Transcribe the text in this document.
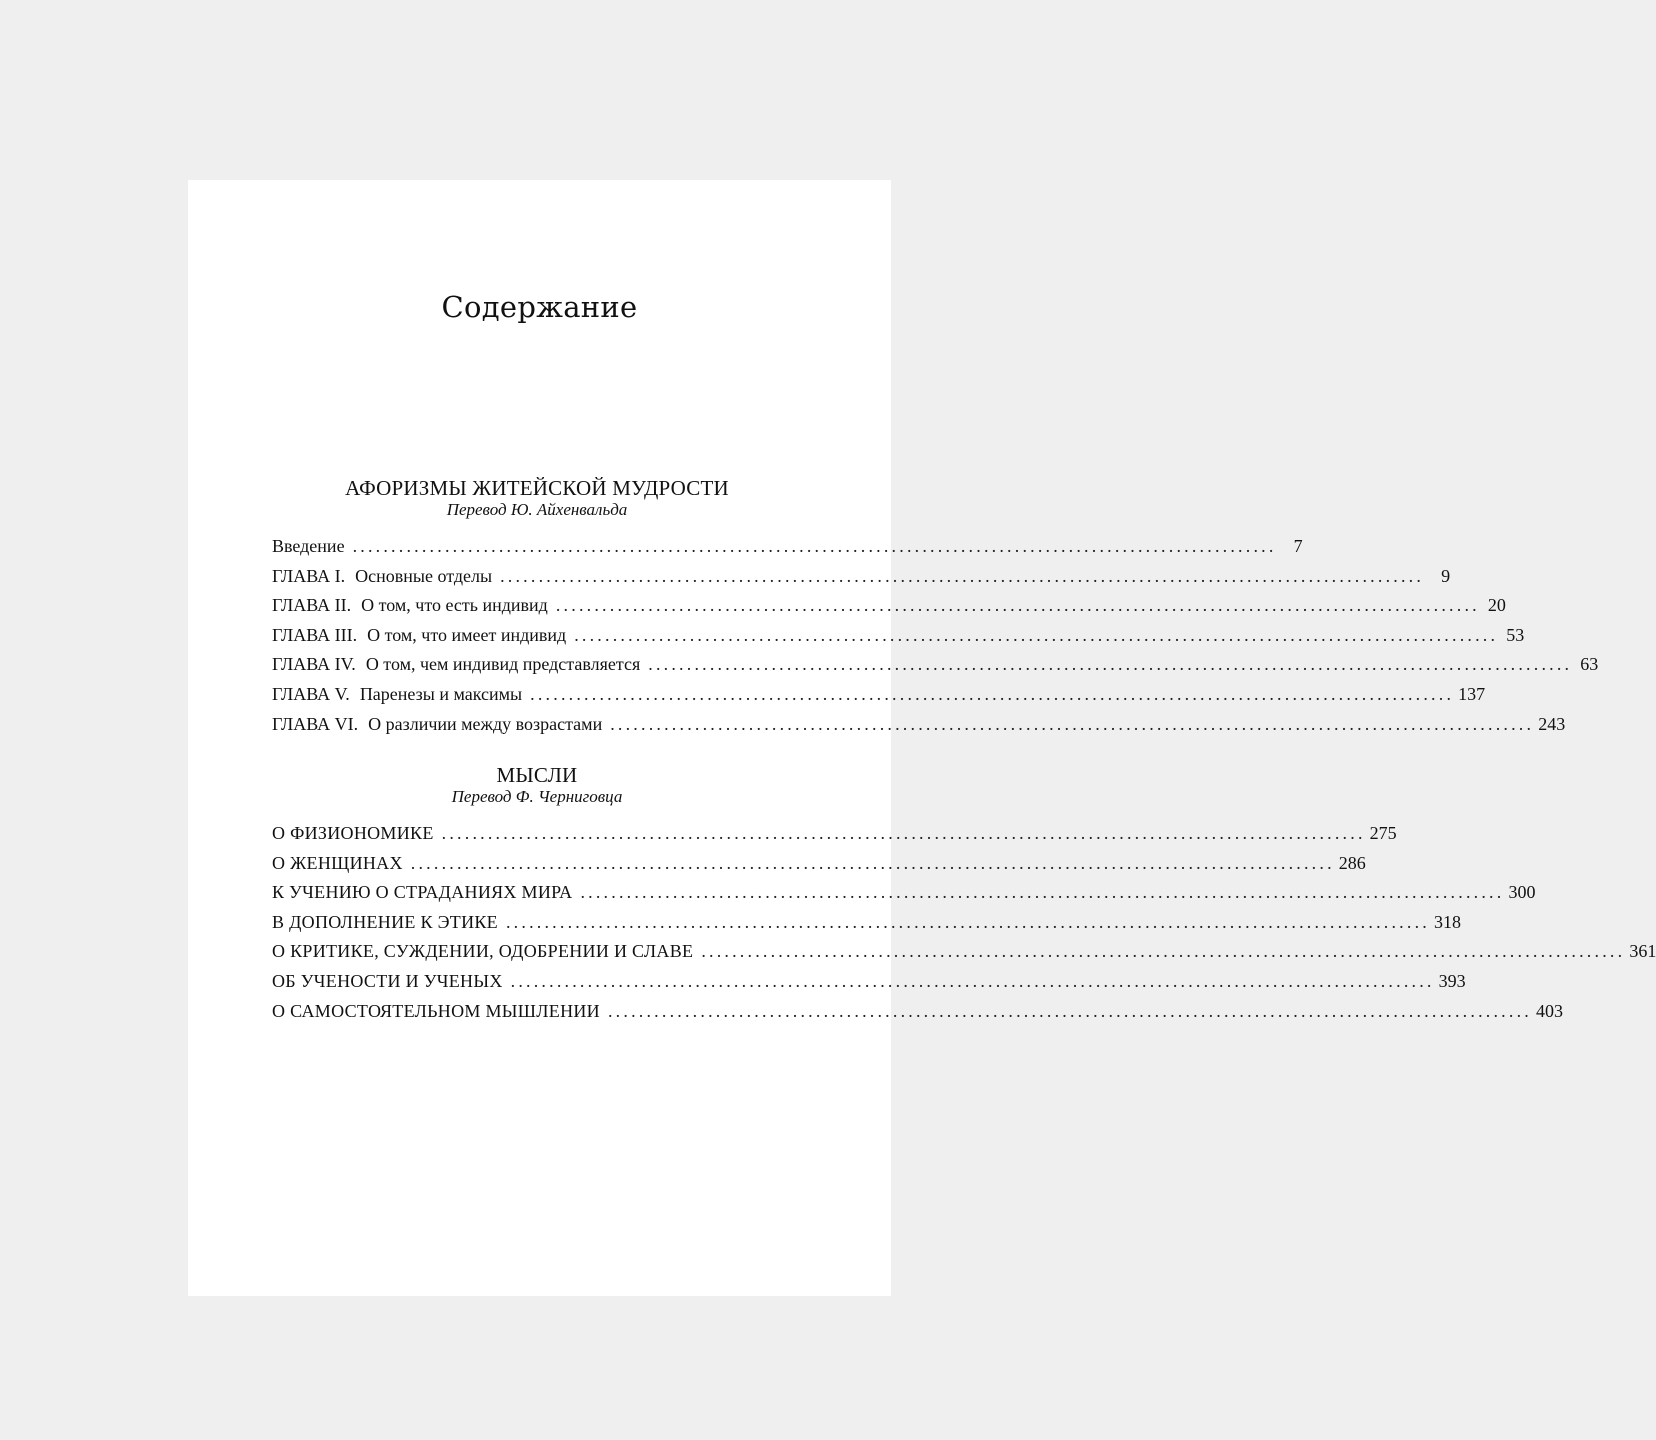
Содержание
АФОРИЗМЫ ЖИТЕЙСКОЙ МУДРОСТИ

Перевод Ю. Айхенвальда

Введение ........................................................................................................................ 7
ГЛАВА I. Основные отделы ........................................................................................................................ 9
ГЛАВА II. О том, что есть индивид ........................................................................................................................ 20
ГЛАВА III. О том, что имеет индивид ........................................................................................................................ 53
ГЛАВА IV. О том, чем индивид представляется ........................................................................................................................ 63
ГЛАВА V. Паренезы и максимы ........................................................................................................................ 137
ГЛАВА VI. О различии между возрастами ........................................................................................................................ 243
МЫСЛИ

Перевод Ф. Черниговца

О ФИЗИОНОМИКЕ ........................................................................................................................ 275
О ЖЕНЩИНАХ ........................................................................................................................ 286
К УЧЕНИЮ О СТРАДАНИЯХ МИРА ........................................................................................................................ 300
В ДОПОЛНЕНИЕ К ЭТИКЕ ........................................................................................................................ 318
О КРИТИКЕ, СУЖДЕНИИ, ОДОБРЕНИИ И СЛАВЕ ........................................................................................................................ 361
ОБ УЧЕНОСТИ И УЧЕНЫХ ........................................................................................................................ 393
О САМОСТОЯТЕЛЬНОМ МЫШЛЕНИИ ........................................................................................................................ 403
